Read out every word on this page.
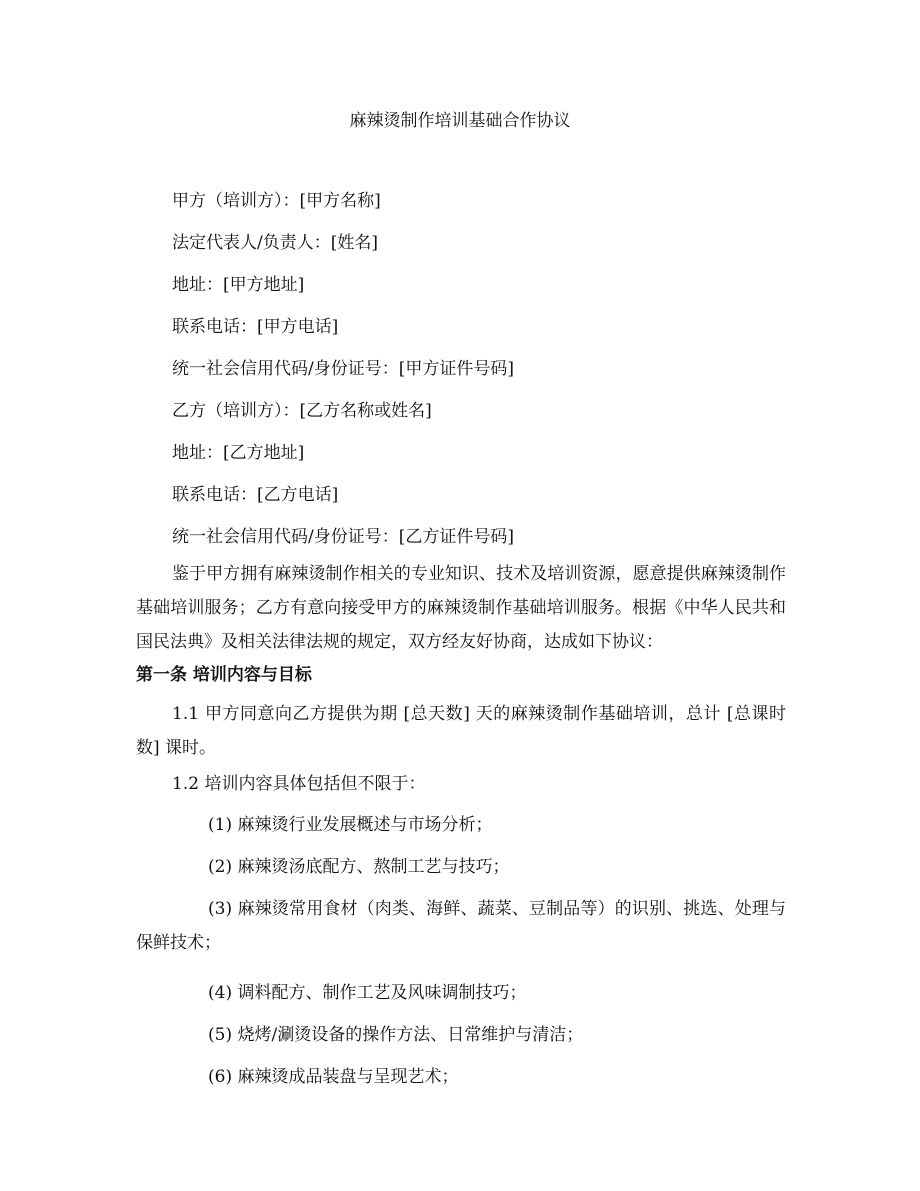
麻辣烫制作培训基础合作协议
甲方（培训方）：[甲方名称]
法定代表人/负责人：[姓名]
地址：[甲方地址]
联系电话：[甲方电话]
统一社会信用代码/身份证号：[甲方证件号码]
乙方（培训方）：[乙方名称或姓名]
地址：[乙方地址]
联系电话：[乙方电话]
统一社会信用代码/身份证号：[乙方证件号码]
鉴于甲方拥有麻辣烫制作相关的专业知识、技术及培训资源，愿意提供麻辣烫制作基础培训服务；乙方有意向接受甲方的麻辣烫制作基础培训服务。根据《中华人民共和国民法典》及相关法律法规的规定，双方经友好协商，达成如下协议：
第一条 培训内容与目标
1.1 甲方同意向乙方提供为期 [总天数] 天的麻辣烫制作基础培训，总计 [总课时数] 课时。
1.2 培训内容具体包括但不限于：
(1) 麻辣烫行业发展概述与市场分析；
(2) 麻辣烫汤底配方、熬制工艺与技巧；
(3) 麻辣烫常用食材（肉类、海鲜、蔬菜、豆制品等）的识别、挑选、处理与保鲜技术；
(4) 调料配方、制作工艺及风味调制技巧；
(5) 烧烤/涮烫设备的操作方法、日常维护与清洁；
(6) 麻辣烫成品装盘与呈现艺术；
